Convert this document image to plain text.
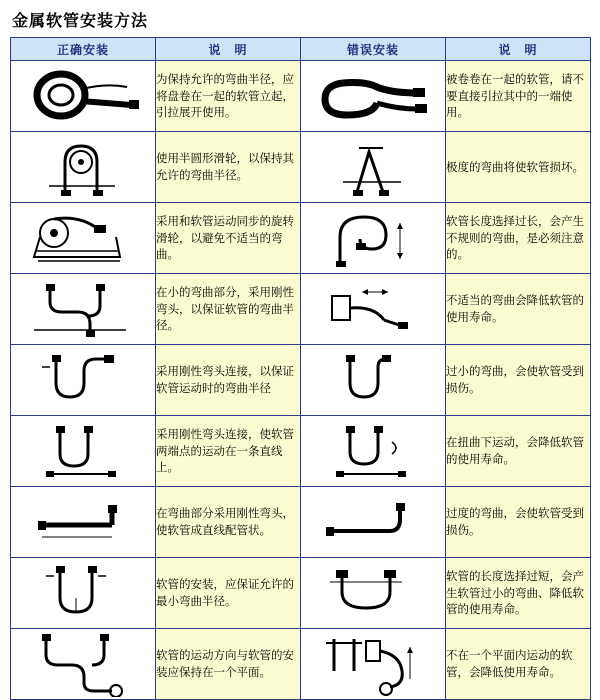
金属软管安装方法
正确安装	说　明	错误安装	说　明

	为保持允许的弯曲半径，应将盘卷在一起的软管立起，引拉展开使用。		被卷卷在一起的软管，请不要直接引拉其中的一端使用。

	使用半圆形滑轮，以保持其允许的弯曲半径。		极度的弯曲将使软管损坏。

	采用和软管运动同步的旋转滑轮，以避免不适当的弯曲。		软管长度选择过长，会产生不规则的弯曲，是必须注意的。

	在小的弯曲部分，采用刚性弯头，以保证软管的弯曲半径。		不适当的弯曲会降低软管的使用寿命。

	采用刚性弯头连接，以保证软管运动时的弯曲半径		过小的弯曲，会使软管受到损伤。

	采用刚性弯头连接，使软管两端点的运动在一条直线上。		在扭曲下运动，会降低软管的使用寿命。

	在弯曲部分采用刚性弯头，使软管成直线配管状。		过度的弯曲，会使软管受到损伤。

	软管的安装，应保证允许的最小弯曲半径。		软管的长度选择过短，会产生软管过小的弯曲、降低软管的使用寿命。

	软管的运动方向与软管的安装应保持在一个平面。		不在一个平面内运动的软管，会降低使用寿命。
